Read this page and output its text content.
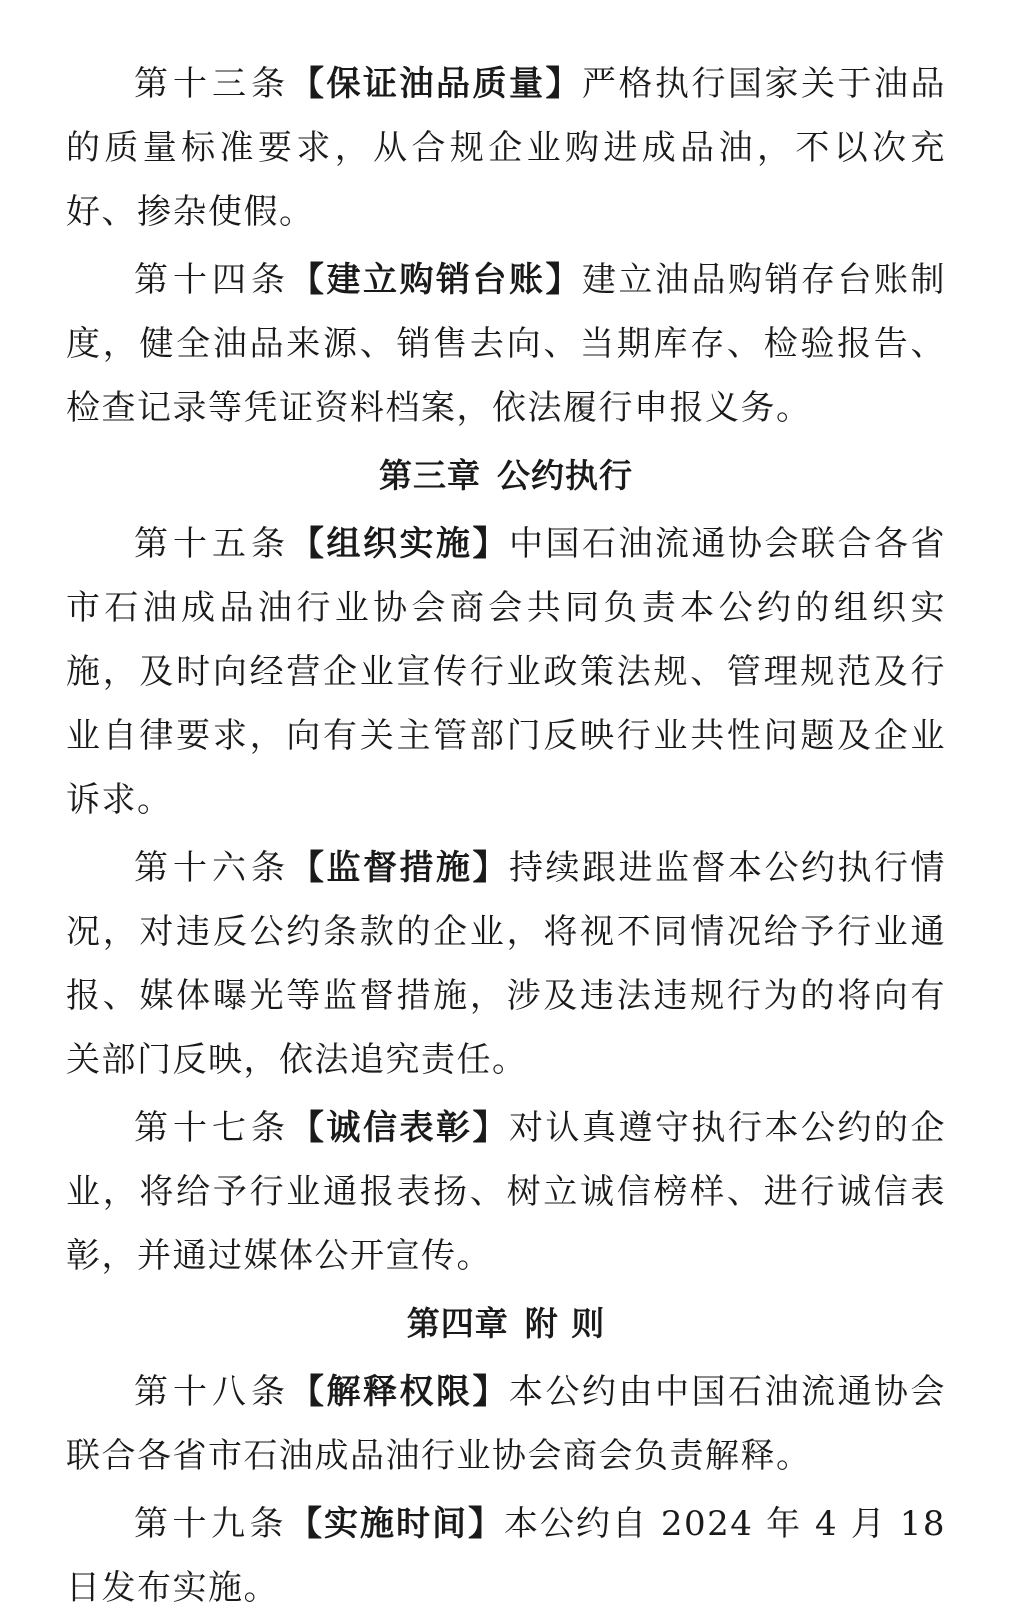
第十三条【保证油品质量】严格执行国家关于油品的质量标准要求，从合规企业购进成品油，不以次充好、掺杂使假。

第十四条【建立购销台账】建立油品购销存台账制度，健全油品来源、销售去向、当期库存、检验报告、检查记录等凭证资料档案，依法履行申报义务。

第三章 公约执行

第十五条【组织实施】中国石油流通协会联合各省市石油成品油行业协会商会共同负责本公约的组织实施，及时向经营企业宣传行业政策法规、管理规范及行业自律要求，向有关主管部门反映行业共性问题及企业诉求。

第十六条【监督措施】持续跟进监督本公约执行情况，对违反公约条款的企业，将视不同情况给予行业通报、媒体曝光等监督措施，涉及违法违规行为的将向有关部门反映，依法追究责任。

第十七条【诚信表彰】对认真遵守执行本公约的企业，将给予行业通报表扬、树立诚信榜样、进行诚信表彰，并通过媒体公开宣传。

第四章 附 则

第十八条【解释权限】本公约由中国石油流通协会联合各省市石油成品油行业协会商会负责解释。

第十九条【实施时间】本公约自 2024 年 4 月 18 日发布实施。
